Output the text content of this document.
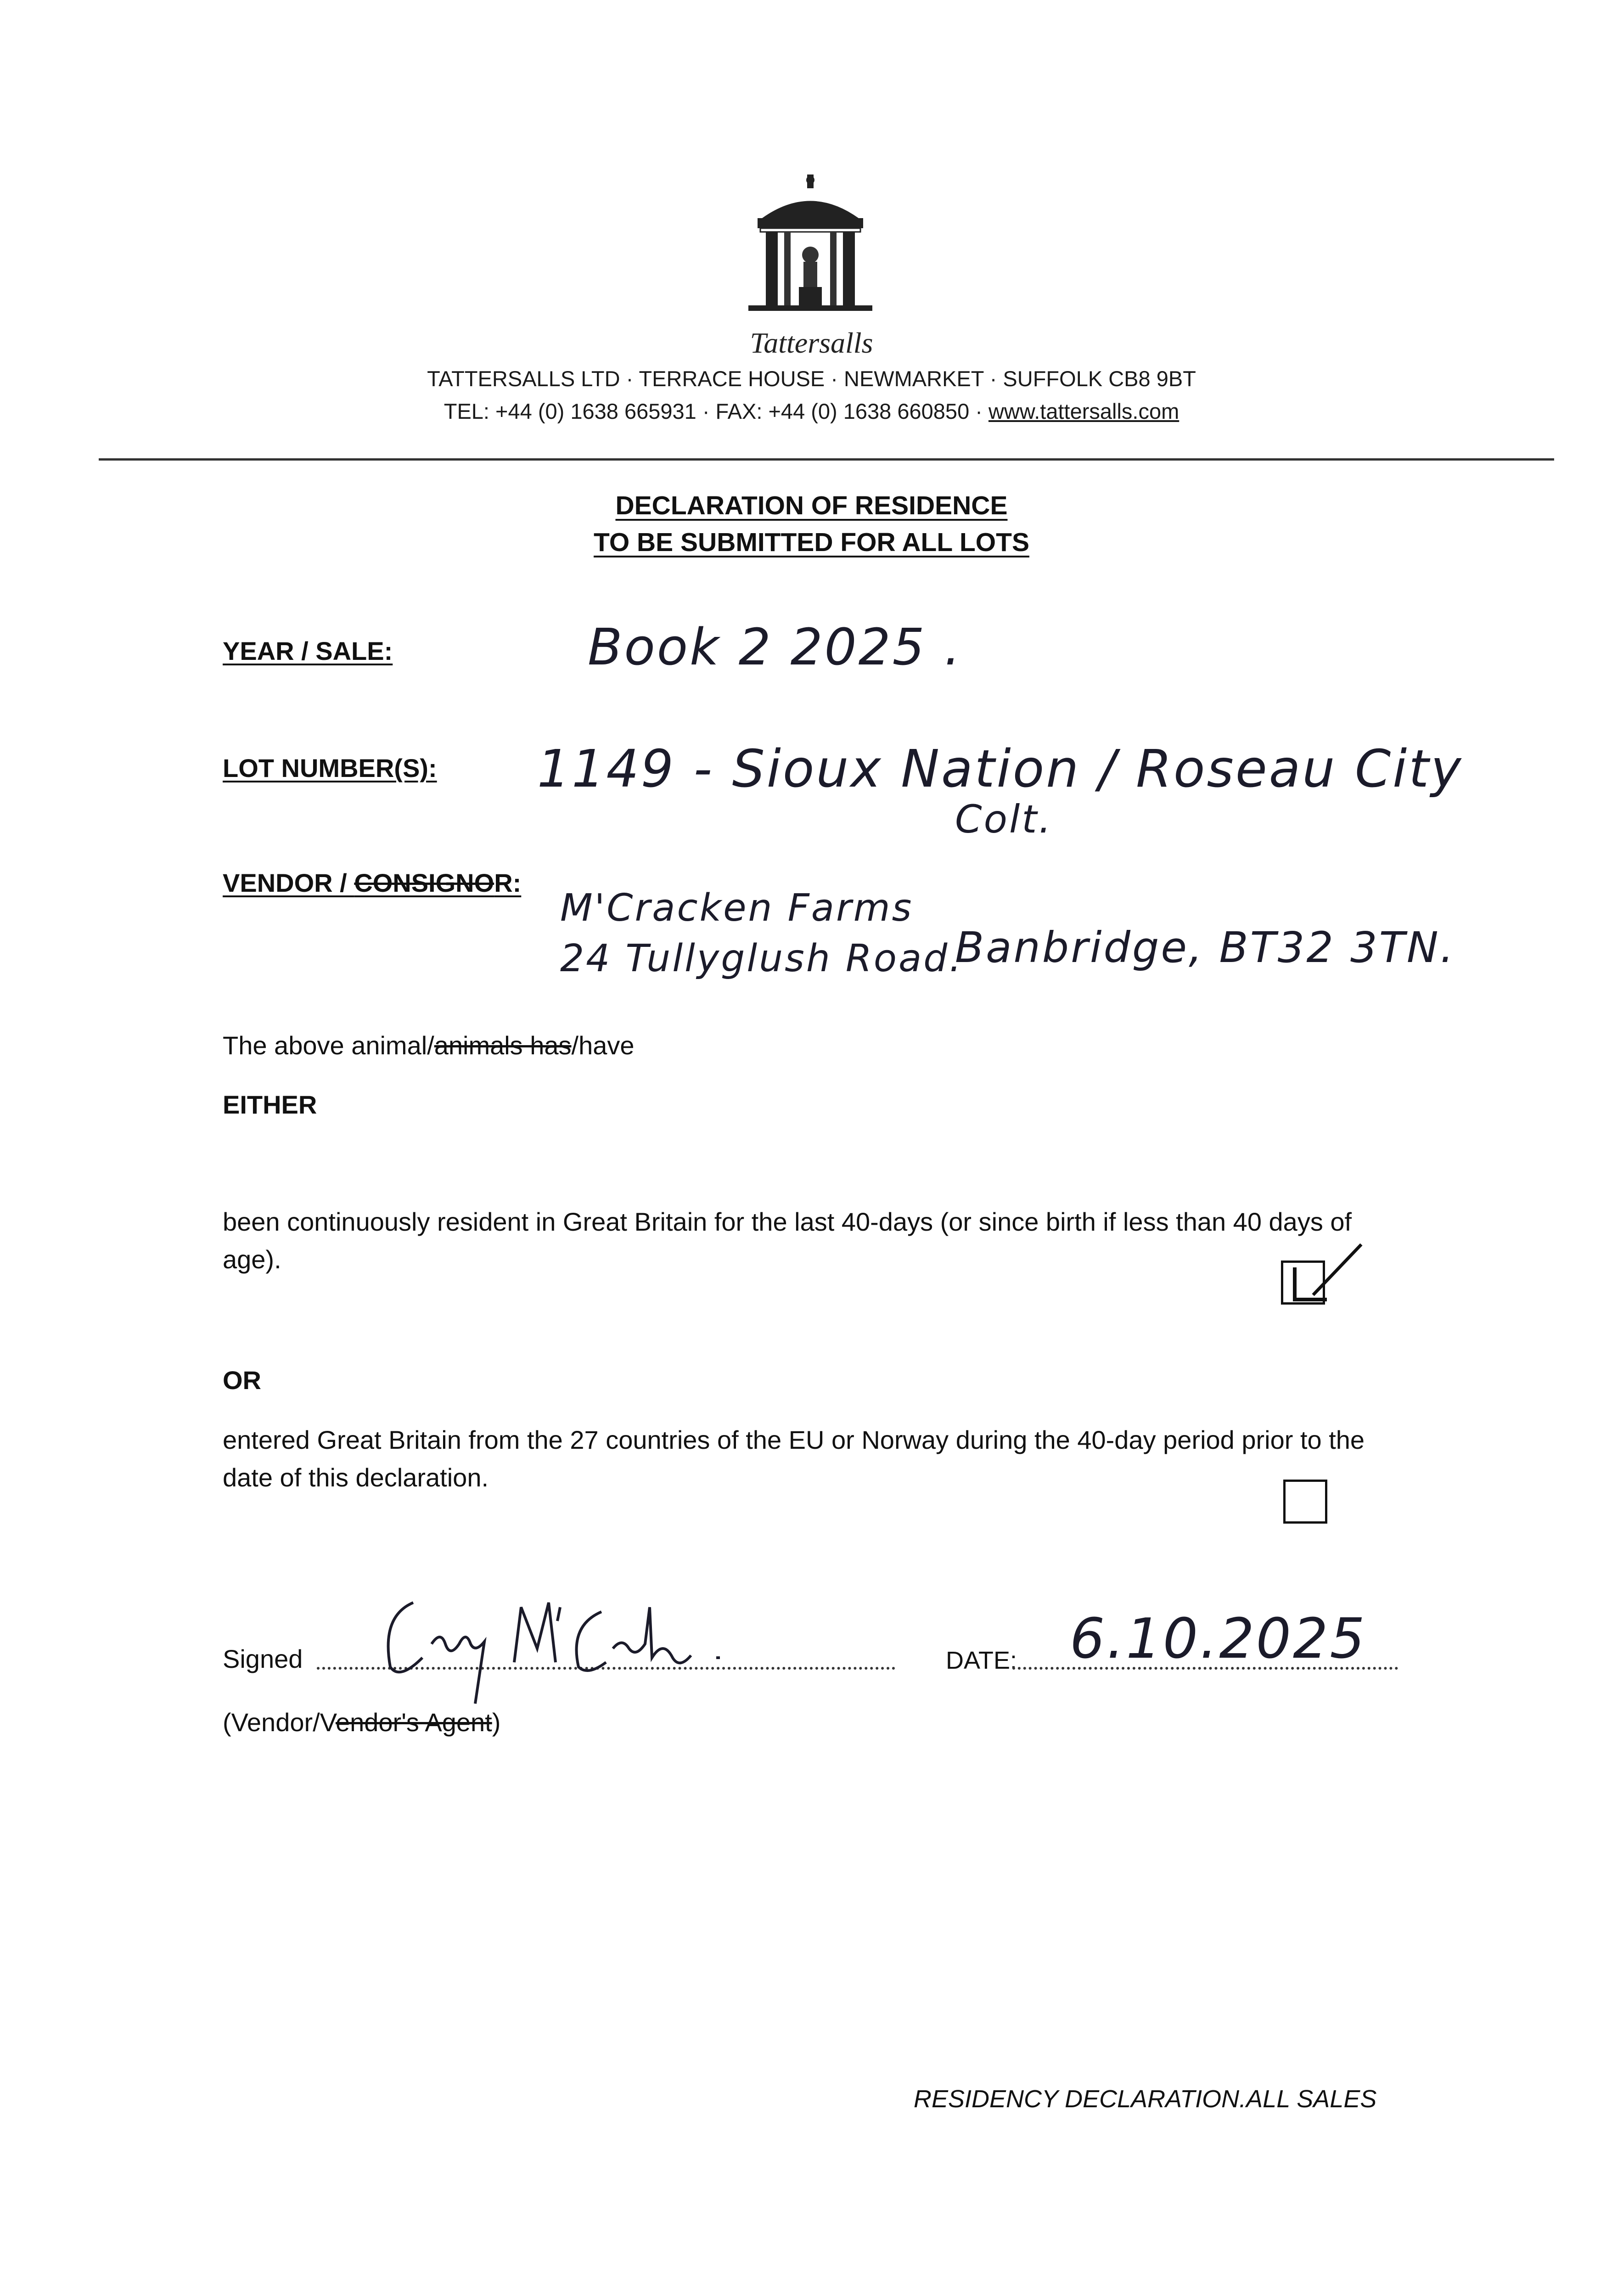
Tattersalls
TATTERSALLS LTD · TERRACE HOUSE · NEWMARKET · SUFFOLK CB8 9BT
TEL: +44 (0) 1638 665931 · FAX: +44 (0) 1638 660850 · www.tattersalls.com
DECLARATION OF RESIDENCE
TO BE SUBMITTED FOR ALL LOTS
YEAR / SALE:	Book 2 2025 .
LOT NUMBER(S): 1149 - Sioux Nation / Roseau City
Colt.
VENDOR / CONSIGNOR:
M'Cracken Farms
24 Tullyglush Road.
Banbridge, BT32 3TN.
The above animal/animals has/have
EITHER
been continuously resident in Great Britain for the last 40-days (or since birth if less than 40 days of age).
OR
entered Great Britain from the 27 countries of the EU or Norway during the 40-day period prior to the date of this declaration.
Signed	DATE: 6.10.2025
(Vendor/Vendor's Agent)
RESIDENCY DECLARATION.ALL SALES
